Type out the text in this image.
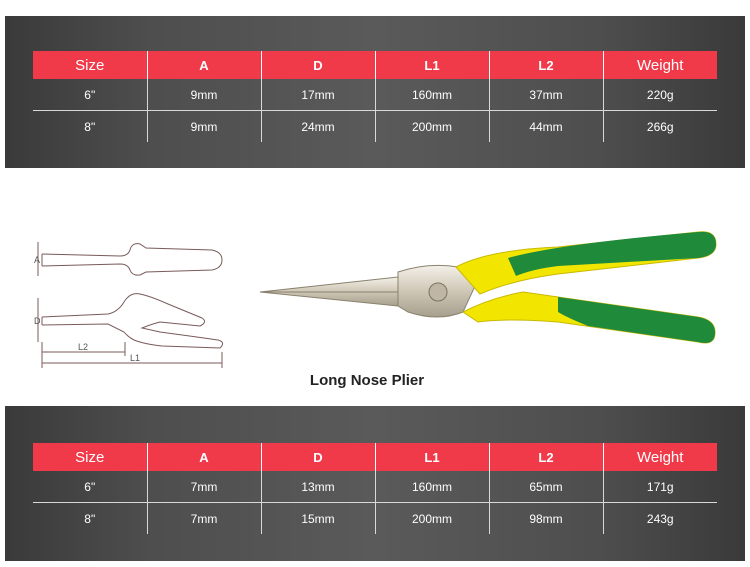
Size	A	D	L1	L2	Weight
6"	9mm	17mm	160mm	37mm	220g
8"	9mm	24mm	200mm	44mm	266g
A
D
L2
L1
Long Nose Plier
Size	A	D	L1	L2	Weight
6"	7mm	13mm	160mm	65mm	171g
8"	7mm	15mm	200mm	98mm	243g
